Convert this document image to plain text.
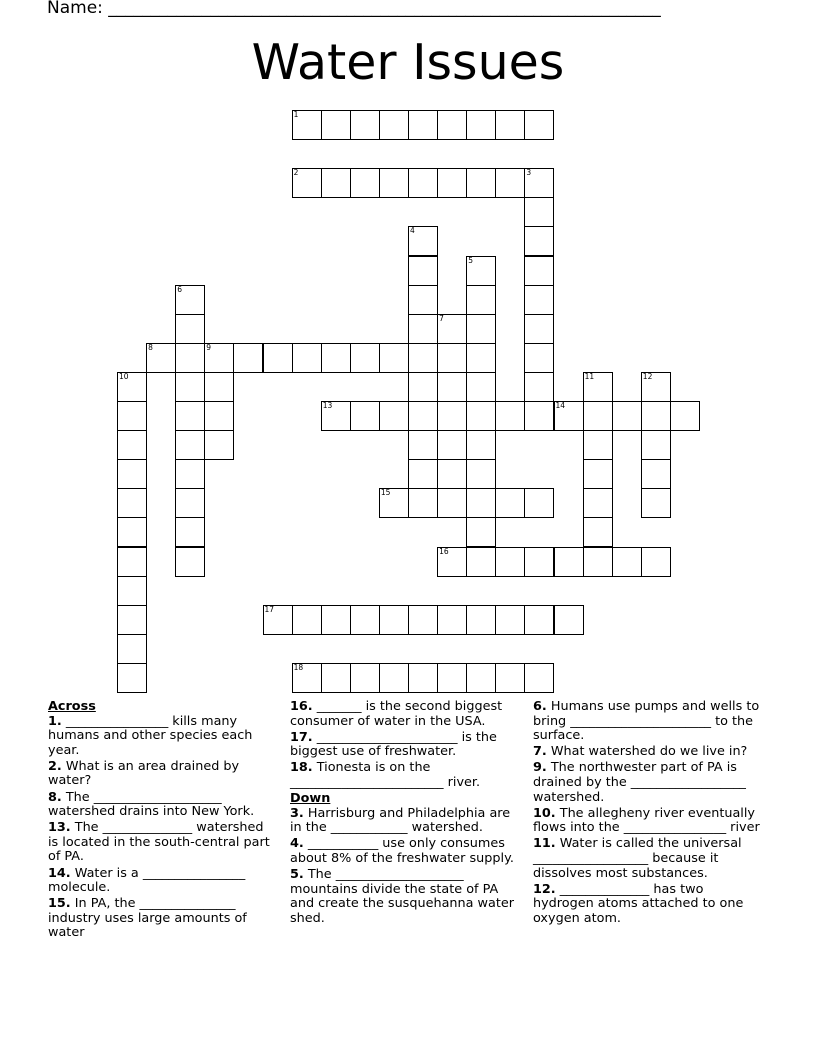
Name: _________________________________________________________________
Water Issues
1
2	3
4
5
6
7
8	9
10	11	12
13	14
15
16
17
18
Across
1. ________________ kills many humans and other species each year.
2. What is an area drained by water?
8. The ____________________ watershed drains into New York.
13. The ______________ watershed is located in the south-central part of PA.
14. Water is a ________________ molecule.
15. In PA, the _______________ industry uses large amounts of water
16. _______ is the second biggest consumer of water in the USA.
17. ______________________ is the biggest use of freshwater.
18. Tionesta is on the ________________________ river.
Down
3. Harrisburg and Philadelphia are in the ____________ watershed.
4. ___________ use only consumes about 8% of the freshwater supply.
5. The ____________________ mountains divide the state of PA and create the susquehanna water shed.
6. Humans use pumps and wells to bring ______________________ to the surface.
7. What watershed do we live in?
9. The northwester part of PA is drained by the __________________ watershed.
10. The allegheny river eventually flows into the ________________ river
11. Water is called the universal __________________ because it dissolves most substances.
12. ______________ has two hydrogen atoms attached to one oxygen atom.
